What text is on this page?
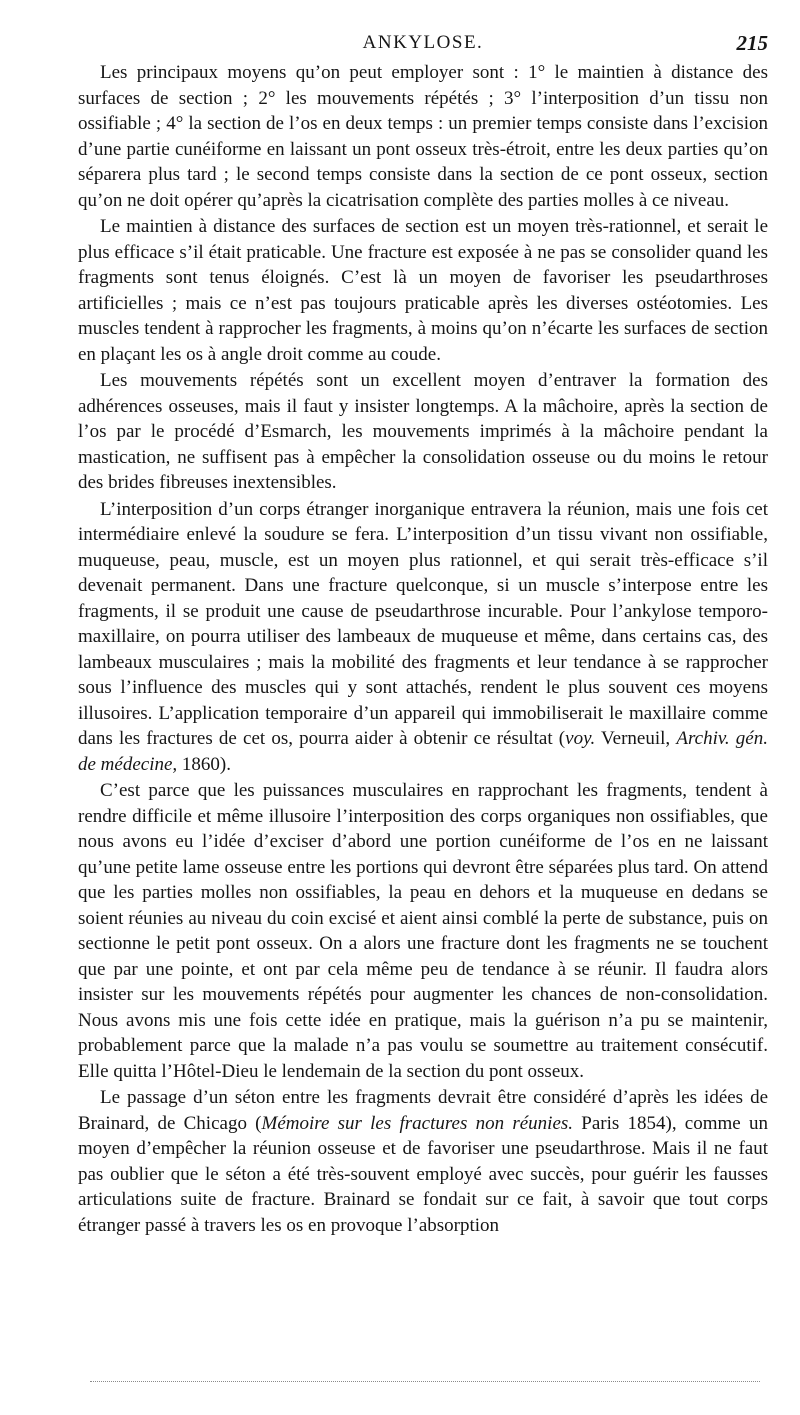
ANKYLOSE.	215

Les principaux moyens qu’on peut employer sont : 1° le maintien à distance des surfaces de section ; 2° les mouvements répétés ; 3° l’interposition d’un tissu non ossifiable ; 4° la section de l’os en deux temps : un premier temps consiste dans l’excision d’une partie cunéiforme en laissant un pont osseux très-étroit, entre les deux parties qu’on séparera plus tard ; le second temps consiste dans la section de ce pont osseux, section qu’on ne doit opérer qu’après la cicatrisation complète des parties molles à ce niveau.

Le maintien à distance des surfaces de section est un moyen très-rationnel, et serait le plus efficace s’il était praticable. Une fracture est exposée à ne pas se consolider quand les fragments sont tenus éloignés. C’est là un moyen de favoriser les pseudarthroses artificielles ; mais ce n’est pas toujours praticable après les diverses ostéotomies. Les muscles tendent à rapprocher les fragments, à moins qu’on n’écarte les surfaces de section en plaçant les os à angle droit comme au coude.

Les mouvements répétés sont un excellent moyen d’entraver la formation des adhérences osseuses, mais il faut y insister longtemps. A la mâchoire, après la section de l’os par le procédé d’Esmarch, les mouvements imprimés à la mâchoire pendant la mastication, ne suffisent pas à empêcher la consolidation osseuse ou du moins le retour des brides fibreuses inextensibles.

L’interposition d’un corps étranger inorganique entravera la réunion, mais une fois cet intermédiaire enlevé la soudure se fera. L’interposition d’un tissu vivant non ossifiable, muqueuse, peau, muscle, est un moyen plus rationnel, et qui serait très-efficace s’il devenait permanent. Dans une fracture quelconque, si un muscle s’interpose entre les fragments, il se produit une cause de pseudarthrose incurable. Pour l’ankylose temporo-maxillaire, on pourra utiliser des lambeaux de muqueuse et même, dans certains cas, des lambeaux musculaires ; mais la mobilité des fragments et leur tendance à se rapprocher sous l’influence des muscles qui y sont attachés, rendent le plus souvent ces moyens illusoires. L’application temporaire d’un appareil qui immobiliserait le maxillaire comme dans les fractures de cet os, pourra aider à obtenir ce résultat (voy. Verneuil, Archiv. gén. de médecine, 1860).

C’est parce que les puissances musculaires en rapprochant les fragments, tendent à rendre difficile et même illusoire l’interposition des corps organiques non ossifiables, que nous avons eu l’idée d’exciser d’abord une portion cunéiforme de l’os en ne laissant qu’une petite lame osseuse entre les portions qui devront être séparées plus tard. On attend que les parties molles non ossifiables, la peau en dehors et la muqueuse en dedans se soient réunies au niveau du coin excisé et aient ainsi comblé la perte de substance, puis on sectionne le petit pont osseux. On a alors une fracture dont les fragments ne se touchent que par une pointe, et ont par cela même peu de tendance à se réunir. Il faudra alors insister sur les mouvements répétés pour augmenter les chances de non-consolidation. Nous avons mis une fois cette idée en pratique, mais la guérison n’a pu se maintenir, probablement parce que la malade n’a pas voulu se soumettre au traitement consécutif. Elle quitta l’Hôtel-Dieu le lendemain de la section du pont osseux.

Le passage d’un séton entre les fragments devrait être considéré d’après les idées de Brainard, de Chicago (Mémoire sur les fractures non réunies. Paris 1854), comme un moyen d’empêcher la réunion osseuse et de favoriser une pseudarthrose. Mais il ne faut pas oublier que le séton a été très-souvent employé avec succès, pour guérir les fausses articulations suite de fracture. Brainard se fondait sur ce fait, à savoir que tout corps étranger passé à travers les os en provoque l’absorption
